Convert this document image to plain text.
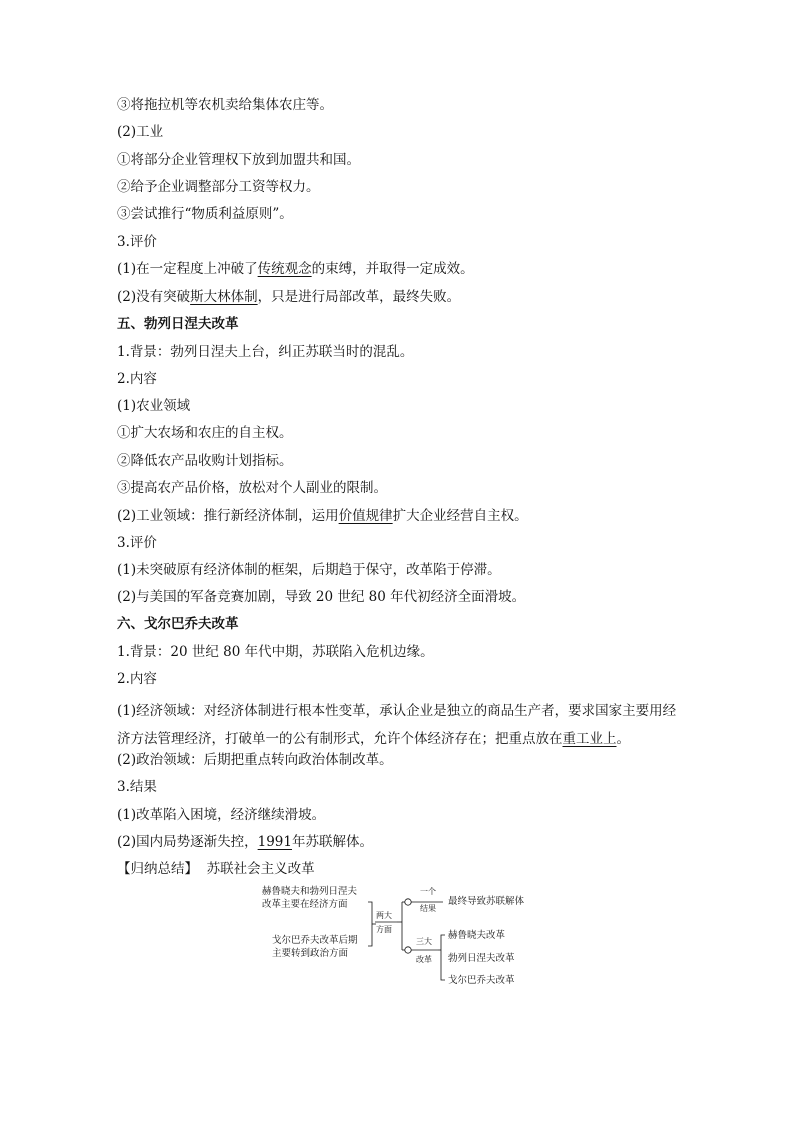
③将拖拉机等农机卖给集体农庄等。
(2)工业
①将部分企业管理权下放到加盟共和国。
②给予企业调整部分工资等权力。
③尝试推行“物质利益原则”。
3.评价
(1)在一定程度上冲破了传统观念的束缚，并取得一定成效。
(2)没有突破斯大林体制，只是进行局部改革，最终失败。
五、勃列日涅夫改革
1.背景：勃列日涅夫上台，纠正苏联当时的混乱。
2.内容
(1)农业领域
①扩大农场和农庄的自主权。
②降低农产品收购计划指标。
③提高农产品价格，放松对个人副业的限制。
(2)工业领域：推行新经济体制，运用价值规律扩大企业经营自主权。
3.评价
(1)未突破原有经济体制的框架，后期趋于保守，改革陷于停滞。
(2)与美国的军备竞赛加剧，导致 20 世纪 80 年代初经济全面滑坡。
六、戈尔巴乔夫改革
1.背景：20 世纪 80 年代中期，苏联陷入危机边缘。
2.内容
(1)经济领域：对经济体制进行根本性变革，承认企业是独立的商品生产者，要求国家主要用经济方法管理经济，打破单一的公有制形式，允许个体经济存在；把重点放在重工业上。
(2)政治领域：后期把重点转向政治体制改革。
3.结果
(1)改革陷入困境，经济继续滑坡。
(2)国内局势逐渐失控，1991年苏联解体。
【归纳总结】 苏联社会主义改革
赫鲁晓夫和勃列日涅夫
改革主要在经济方面
戈尔巴乔夫改革后期
主要转到政治方面
两大
方面
一个
结果
最终导致苏联解体
三大
改革
赫鲁晓夫改革
勃列日涅夫改革
戈尔巴乔夫改革
